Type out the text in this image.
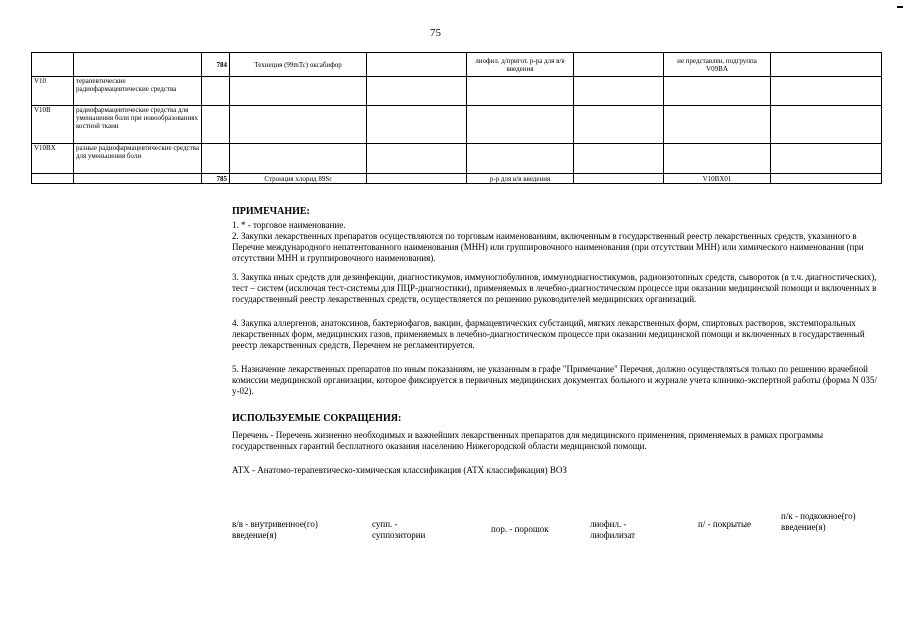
75
		784	Технеция (99mTc) оксабифор		лиофил. д/пригот. р-ра для в/в введения		не представлен, подгруппа V09BA	
V10	терапевтические радиофармацевтические средства							
V10B	радиофармацевтические средства для уменьшения боли при новообразованиях костной ткани							
V10BX	разные радиофармацевтические средства для уменьшения боли							
		785	Стронция хлорид 89Sr		р-р для в/в введения		V10BX01	
ПРИМЕЧАНИЕ:

1. * - торговое наименование.

2. Закупки лекарственных препаратов осуществляются по торговым наименованиям, включенным в государственный реестр лекарственных средств, указанного в Перечне международного непатентованного наименования (МНН) или группировочного наименования (при отсутствии МНН) или химического наименования (при отсутствии МНН и группировочного наименования).

3. Закупка иных средств для дезинфекции, диагностикумов, иммуноглобулинов, иммунодиагностикумов, радиоизотопных средств, сывороток (в т.ч. диагностических), тест – систем (исключая тест-системы для ПЦР-диагностики), применяемых в лечебно-диагностическом процессе при оказании медицинской помощи и включенных в государственный реестр лекарственных средств, осуществляется по решению руководителей медицинских организаций.

4. Закупка аллергенов, анатоксинов, бактериофагов, вакцин, фармацевтических субстанций, мягких лекарственных форм, спиртовых растворов, экстемпоральных лекарственных форм, медицинских газов, применяемых в лечебно-диагностическом процессе при оказании медицинской помощи и включенных в государственный реестр лекарственных средств, Перечнем не регламентируется.

5. Назначение лекарственных препаратов по иным показаниям, не указанным в графе "Примечание" Перечня, должно осуществляться только по решению врачебной комиссии медицинской организации, которое фиксируется в первичных медицинских документах больного и журнале учета клинико-экспертной работы (форма N 035/у-02).

ИСПОЛЬЗУЕМЫЕ СОКРАЩЕНИЯ:

Перечень - Перечень жизненно необходимых и важнейших лекарственных препаратов для медицинского применения, применяемых в рамках программы государственных гарантий бесплатного оказания населению Нижегородской области медицинской помощи.

АТХ - Анатомо-терапевтическо-химическая классификация (АТХ классификация) ВОЗ

в/в - внутривенное(го) введение(я)
супп. - суппозитории
пор. - порошок	лиофил. - лиофилизат
п/ - покрытые
п/к - подкожное(го) введение(я)
